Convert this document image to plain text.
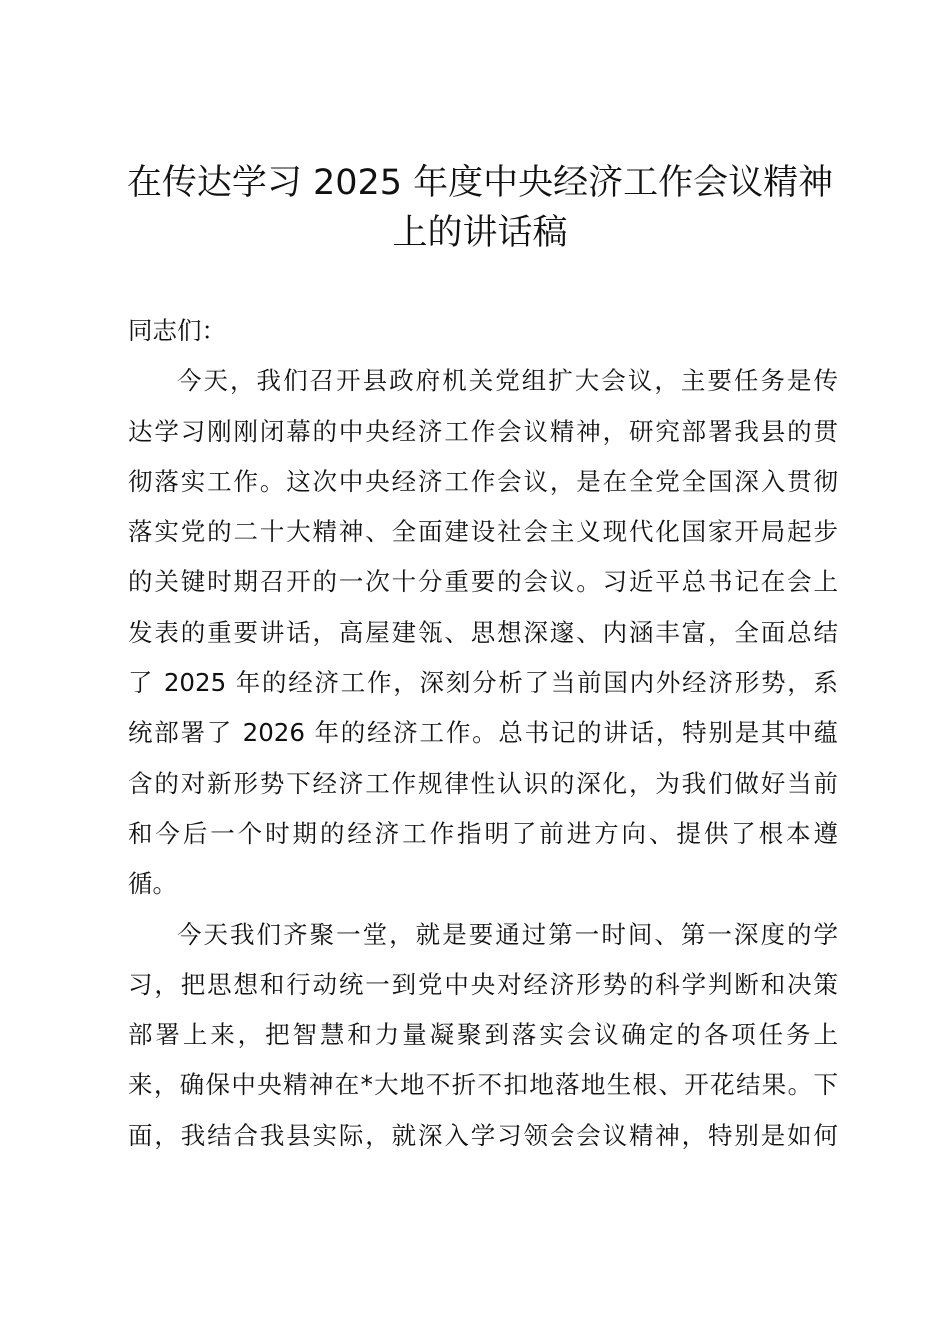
在传达学习 2025 年度中央经济工作会议精神
上的讲话稿
同志们：
今天，我们召开县政府机关党组扩大会议，主要任务是传
达学习刚刚闭幕的中央经济工作会议精神，研究部署我县的贯
彻落实工作。这次中央经济工作会议，是在全党全国深入贯彻
落实党的二十大精神、全面建设社会主义现代化国家开局起步
的关键时期召开的一次十分重要的会议。习近平总书记在会上
发表的重要讲话，高屋建瓴、思想深邃、内涵丰富，全面总结
了 2025 年的经济工作，深刻分析了当前国内外经济形势，系
统部署了 2026 年的经济工作。总书记的讲话，特别是其中蕴
含的对新形势下经济工作规律性认识的深化，为我们做好当前
和今后一个时期的经济工作指明了前进方向、提供了根本遵
循。
今天我们齐聚一堂，就是要通过第一时间、第一深度的学
习，把思想和行动统一到党中央对经济形势的科学判断和决策
部署上来，把智慧和力量凝聚到落实会议确定的各项任务上
来，确保中央精神在*大地不折不扣地落地生根、开花结果。下
面，我结合我县实际，就深入学习领会会议精神，特别是如何
